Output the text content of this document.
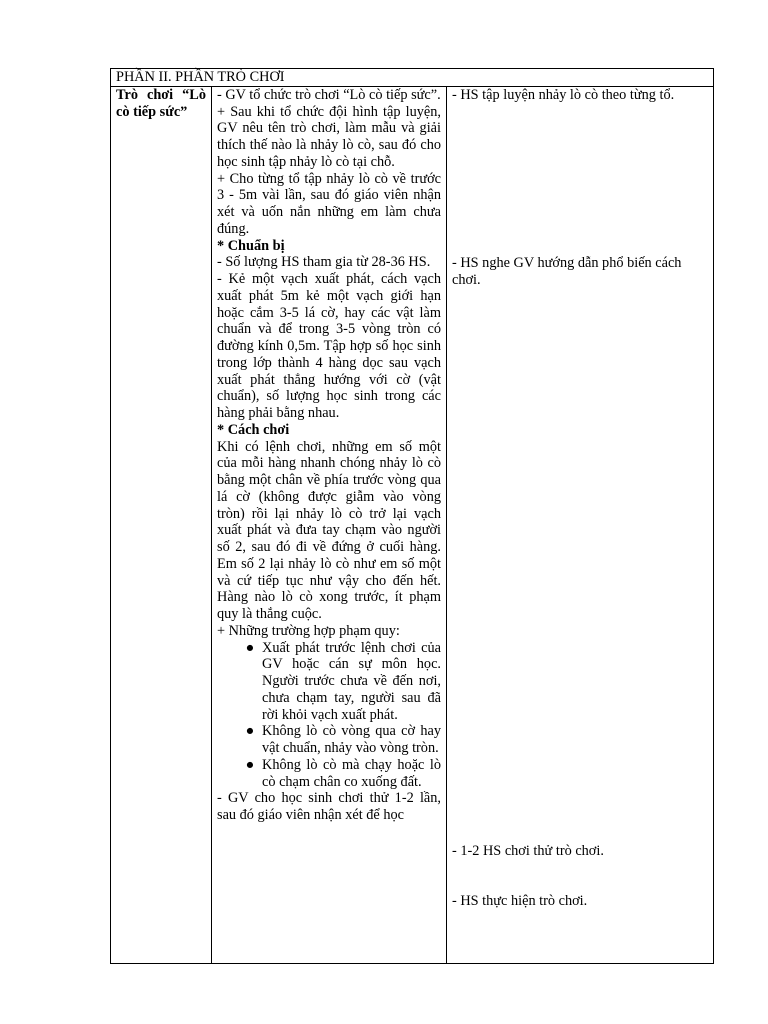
PHẦN II. PHẦN TRÒ CHƠI

Trò chơi “Lò cò tiếp sức”

- GV tổ chức trò chơi “Lò cò tiếp sức”.
+ Sau khi tổ chức đội hình tập luyện, GV nêu tên trò chơi, làm mẫu và giải thích thế nào là nhảy lò cò, sau đó cho học sinh tập nhảy lò cò tại chỗ.
+ Cho từng tổ tập nhảy lò cò về trước 3 - 5m vài lần, sau đó giáo viên nhận xét và uốn nắn những em làm chưa đúng.
* Chuẩn bị
- Số lượng HS tham gia từ 28-36 HS.
- Kẻ một vạch xuất phát, cách vạch xuất phát 5m kẻ một vạch giới hạn hoặc cắm 3-5 lá cờ, hay các vật làm chuẩn và để trong 3-5 vòng tròn có đường kính 0,5m. Tập hợp số học sinh trong lớp thành 4 hàng dọc sau vạch xuất phát thẳng hướng với cờ (vật chuẩn), số lượng học sinh trong các hàng phải bằng nhau.
* Cách chơi
Khi có lệnh chơi, những em số một của mỗi hàng nhanh chóng nhảy lò cò bằng một chân về phía trước vòng qua lá cờ (không được giẫm vào vòng tròn) rồi lại nhảy lò cò trở lại vạch xuất phát và đưa tay chạm vào người số 2, sau đó đi về đứng ở cuối hàng. Em số 2 lại nhảy lò cò như em số một và cứ tiếp tục như vậy cho đến hết. Hàng nào lò cò xong trước, ít phạm quy là thắng cuộc.
+ Những trường hợp phạm quy:
● Xuất phát trước lệnh chơi của GV hoặc cán sự môn học. Người trước chưa về đến nơi, chưa chạm tay, người sau đã rời khỏi vạch xuất phát.
● Không lò cò vòng qua cờ hay vật chuẩn, nhảy vào vòng tròn.
● Không lò cò mà chạy hoặc lò cò chạm chân co xuống đất.
- GV cho học sinh chơi thử 1-2 lần, sau đó giáo viên nhận xét để học

- HS tập luyện nhảy lò cò theo từng tổ.
- HS nghe GV hướng dẫn phổ biến cách chơi.
- 1-2 HS chơi thử trò chơi.
- HS thực hiện trò chơi.
